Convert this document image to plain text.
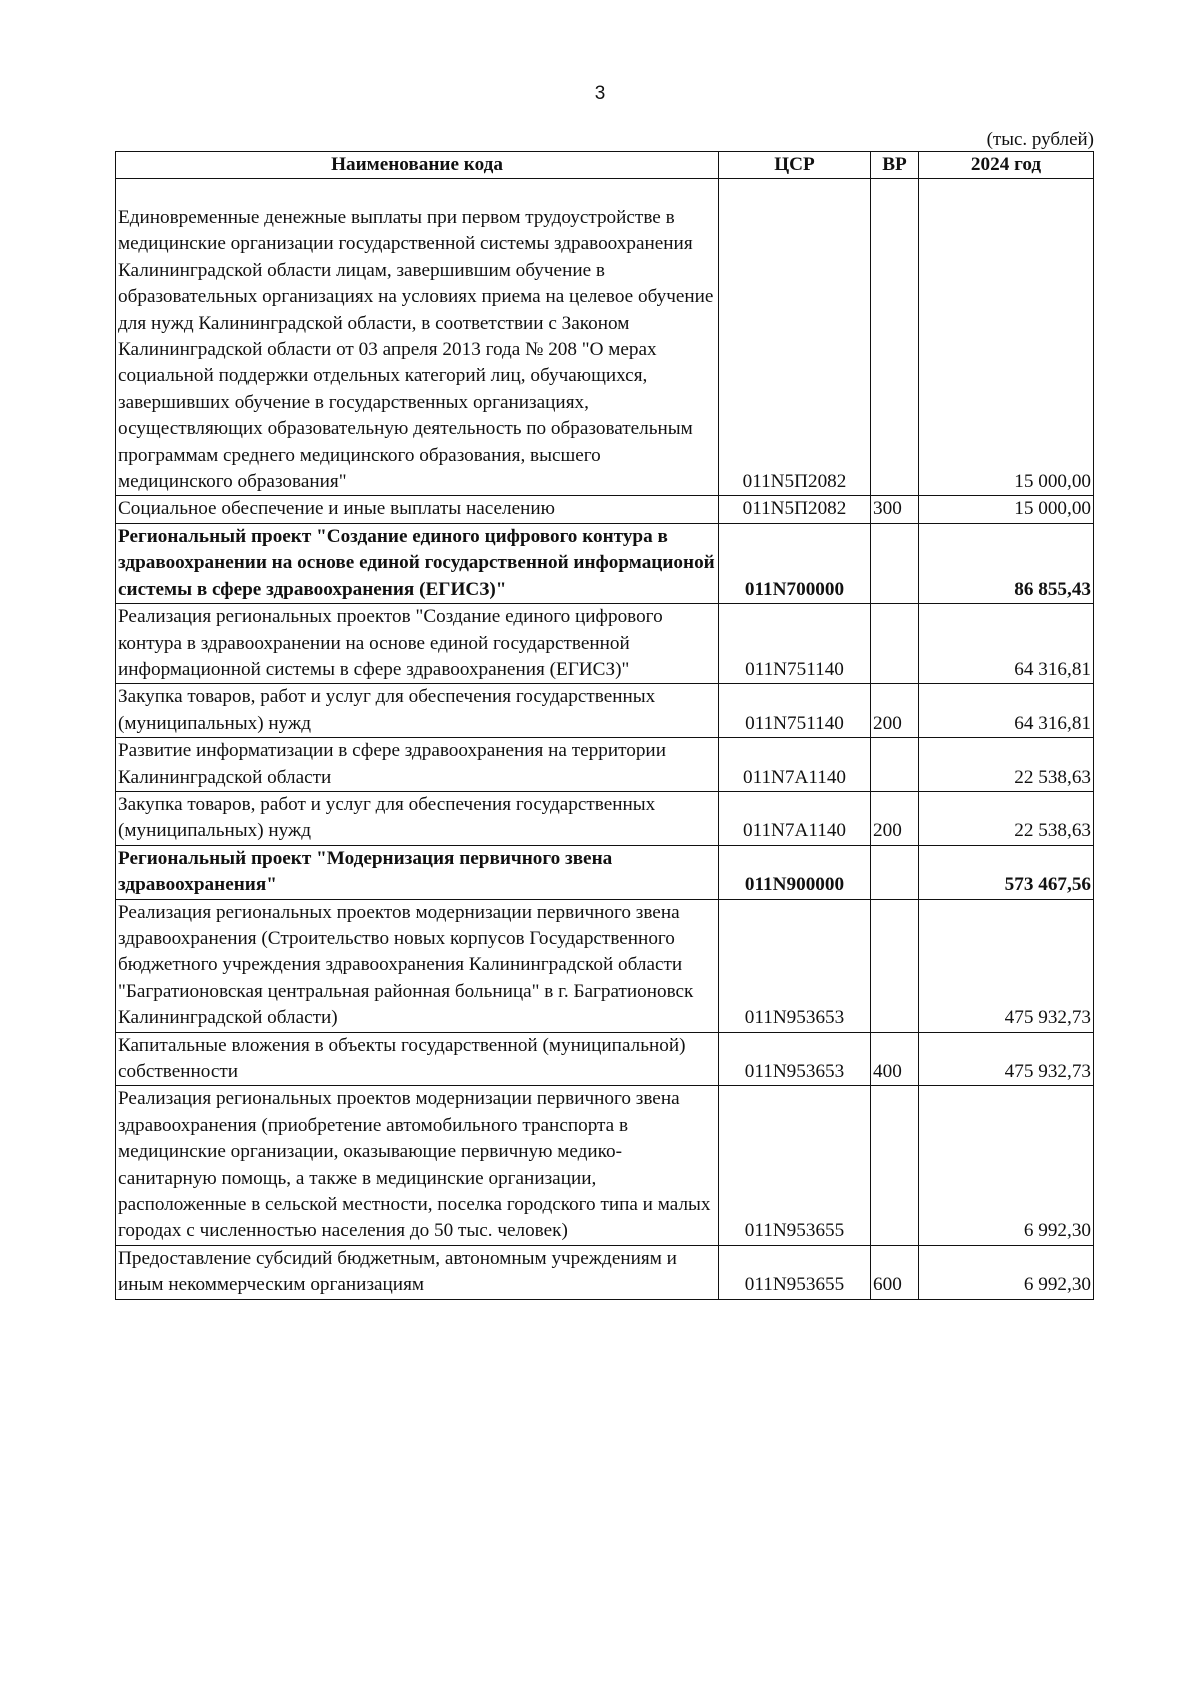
3
(тыс. рублей)
Наименование кода	ЦСР	ВР	2024 год
Единовременные денежные выплаты при первом трудоустройстве в медицинские организации государственной системы здравоохранения Калининградской области лицам, завершившим обучение в образовательных организациях на условиях приема на целевое обучение для нужд Калининградской области, в соответствии с Законом Калининградской области от 03 апреля 2013 года № 208 "О мерах социальной поддержки отдельных категорий лиц, обучающихся, завершивших обучение в государственных организациях, осуществляющих образовательную деятельность по образовательным программам среднего медицинского образования, высшего медицинского образования"	011N5П2082		15 000,00
Социальное обеспечение и иные выплаты населению	011N5П2082	300	15 000,00
Региональный проект "Создание единого цифрового контура в здравоохранении на основе единой государственной информационой системы в сфере здравоохранения (ЕГИСЗ)"	011N700000		86 855,43
Реализация региональных проектов "Создание единого цифрового контура в здравоохранении на основе единой государственной информационной системы в сфере здравоохранения (ЕГИСЗ)"	011N751140		64 316,81
Закупка товаров, работ и услуг для обеспечения государственных (муниципальных) нужд	011N751140	200	64 316,81
Развитие информатизации в сфере здравоохранения на территории Калининградской области	011N7A1140		22 538,63
Закупка товаров, работ и услуг для обеспечения государственных (муниципальных) нужд	011N7A1140	200	22 538,63
Региональный проект "Модернизация первичного звена здравоохранения"	011N900000		573 467,56
Реализация региональных проектов модернизации первичного звена здравоохранения (Строительство новых корпусов Государственного бюджетного учреждения здравоохранения Калининградской области "Багратионовская центральная районная больница" в г. Багратионовск Калининградской области)	011N953653		475 932,73
Капитальные вложения в объекты государственной (муниципальной) собственности	011N953653	400	475 932,73
Реализация региональных проектов модернизации первичного звена здравоохранения (приобретение автомобильного транспорта в медицинские организации, оказывающие первичную медико-санитарную помощь, а также в медицинские организации, расположенные в сельской местности, поселка городского типа и малых городах с численностью населения до 50 тыс. человек)	011N953655		6 992,30
Предоставление субсидий бюджетным, автономным учреждениям и иным некоммерческим организациям	011N953655	600	6 992,30
